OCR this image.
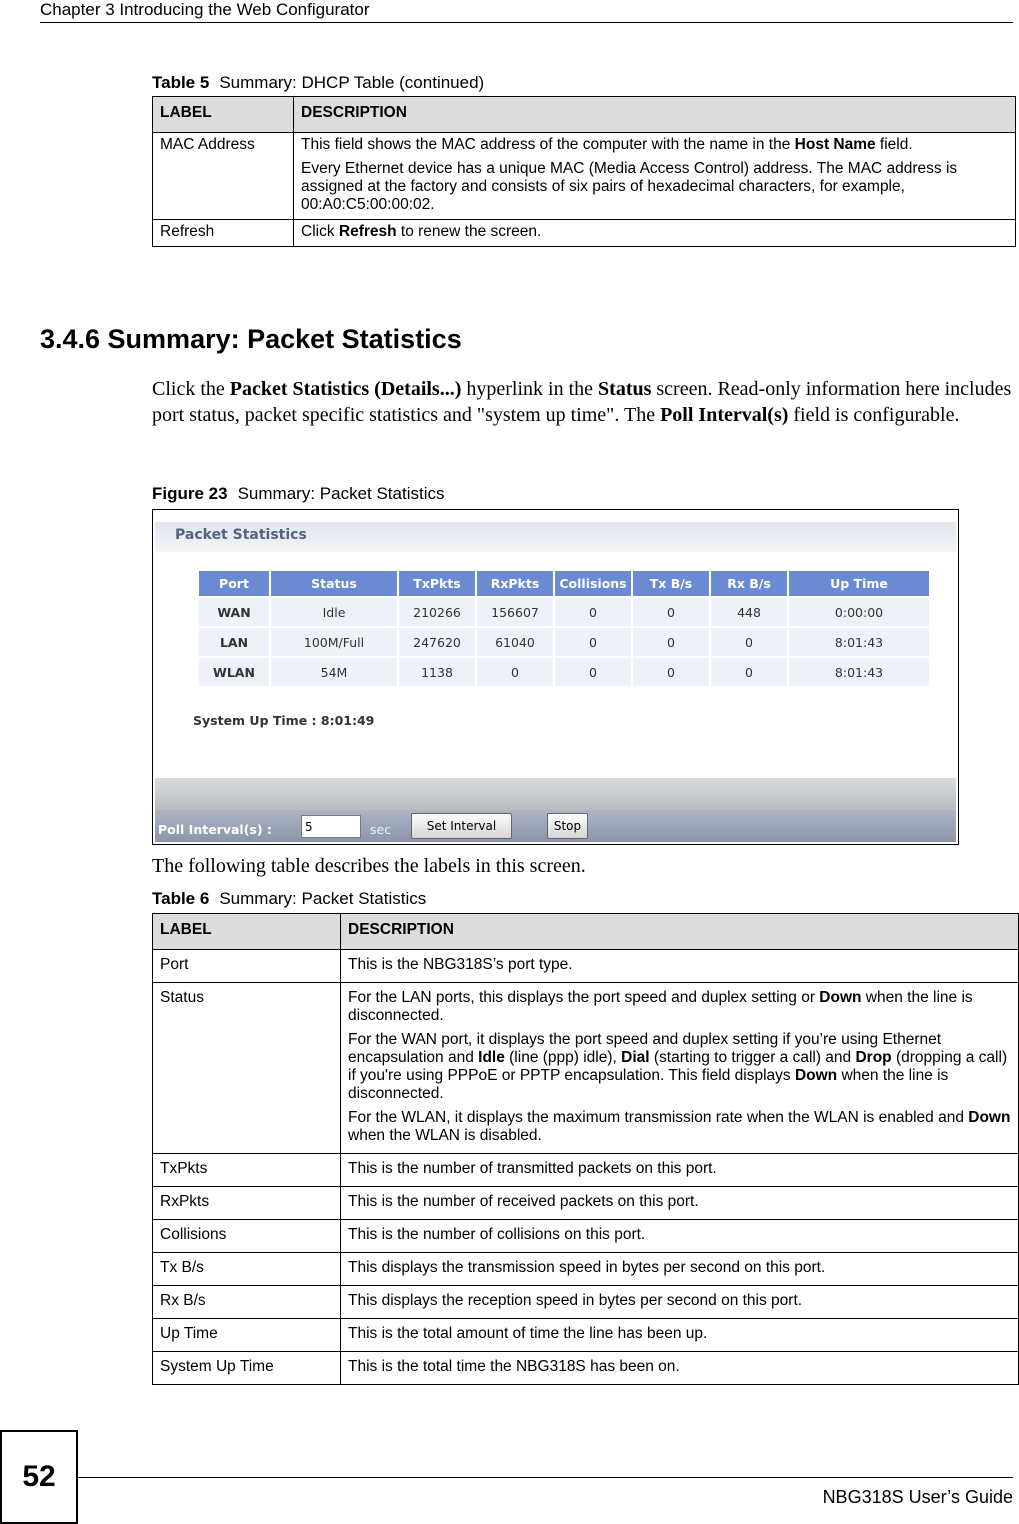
Chapter 3 Introducing the Web Configurator
Table 5 Summary: DHCP Table (continued)
LABEL	DESCRIPTION
MAC Address	This field shows the MAC address of the computer with the name in the Host Name field.

Every Ethernet device has a unique MAC (Media Access Control) address. The MAC address is assigned at the factory and consists of six pairs of hexadecimal characters, for example, 00:A0:C5:00:00:02.

Refresh	Click Refresh to renew the screen.
3.4.6 Summary: Packet Statistics
Click the Packet Statistics (Details...) hyperlink in the Status screen. Read-only information here includes port status, packet specific statistics and "system up time". The Poll Interval(s) field is configurable.
Figure 23 Summary: Packet Statistics
Packet Statistics
Port	Status	TxPkts	RxPkts	Collisions	Tx B/s	Rx B/s	Up Time
WAN	Idle	210266	156607	0	0	448	0:00:00
LAN	100M/Full	247620	61040	0	0	0	8:01:43
WLAN	54M	1138	0	0	0	0	8:01:43
System Up Time : 8:01:49
Poll Interval(s) :
5	sec	Set Interval	Stop
The following table describes the labels in this screen.
Table 6 Summary: Packet Statistics
LABEL	DESCRIPTION
Port	This is the NBG318S’s port type.
Status	For the LAN ports, this displays the port speed and duplex setting or Down when the line is disconnected.

For the WAN port, it displays the port speed and duplex setting if you’re using Ethernet encapsulation and Idle (line (ppp) idle), Dial (starting to trigger a call) and Drop (dropping a call) if you're using PPPoE or PPTP encapsulation. This field displays Down when the line is disconnected.

For the WLAN, it displays the maximum transmission rate when the WLAN is enabled and Down when the WLAN is disabled.

TxPkts	This is the number of transmitted packets on this port.
RxPkts	This is the number of received packets on this port.
Collisions	This is the number of collisions on this port.
Tx B/s	This displays the transmission speed in bytes per second on this port.
Rx B/s	This displays the reception speed in bytes per second on this port.
Up Time	This is the total amount of time the line has been up.
System Up Time	This is the total time the NBG318S has been on.
52
NBG318S User’s Guide
